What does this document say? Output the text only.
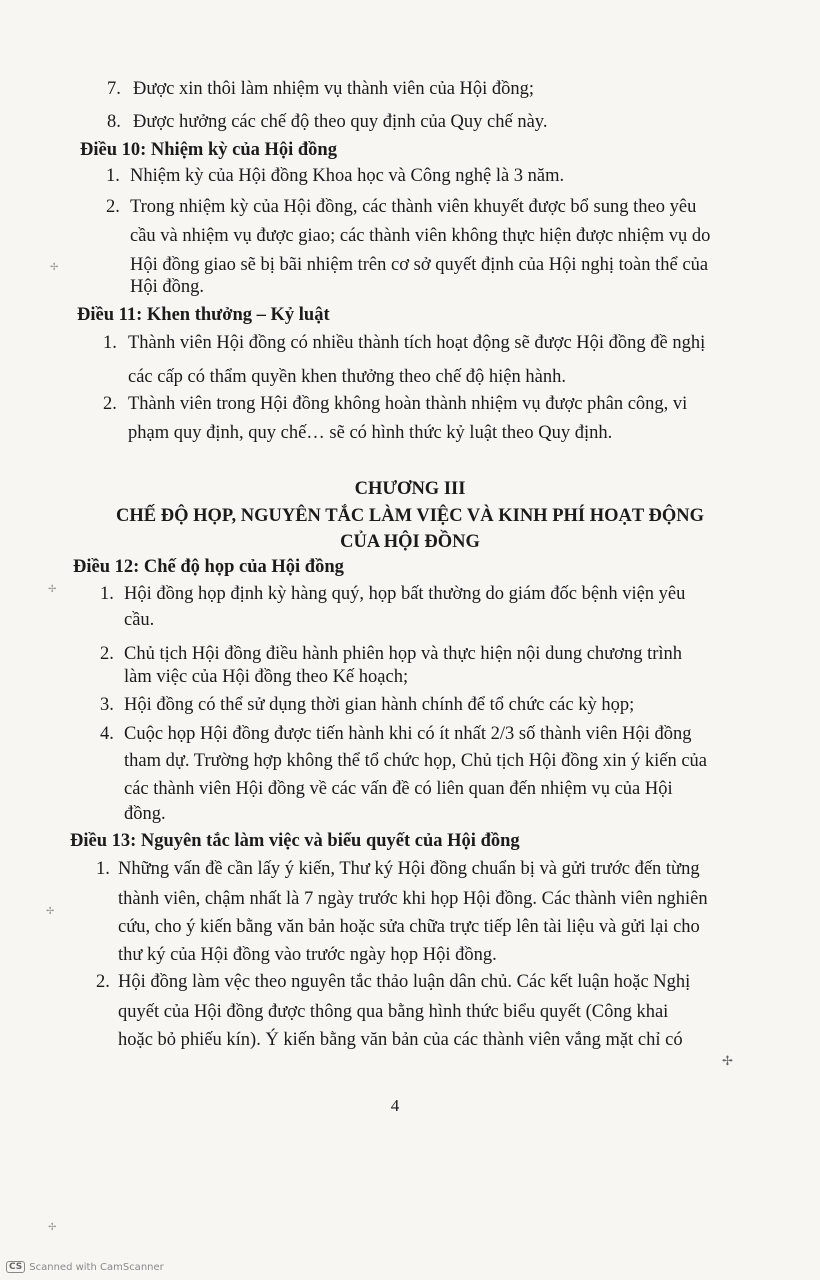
7. Được xin thôi làm nhiệm vụ thành viên của Hội đồng;
8. Được hưởng các chế độ theo quy định của Quy chế này.
Điều 10: Nhiệm kỳ của Hội đồng
1. Nhiệm kỳ của Hội đồng Khoa học và Công nghệ là 3 năm.
2. Trong nhiệm kỳ của Hội đồng, các thành viên khuyết được bổ sung theo yêu
cầu và nhiệm vụ được giao; các thành viên không thực hiện được nhiệm vụ do
Hội đồng giao sẽ bị bãi nhiệm trên cơ sở quyết định của Hội nghị toàn thể của
Hội đồng.
Điều 11: Khen thưởng – Kỷ luật
1. Thành viên Hội đồng có nhiều thành tích hoạt động sẽ được Hội đồng đề nghị
các cấp có thẩm quyền khen thưởng theo chế độ hiện hành.
2. Thành viên trong Hội đồng không hoàn thành nhiệm vụ được phân công, vi
phạm quy định, quy chế… sẽ có hình thức kỷ luật theo Quy định.
CHƯƠNG III
CHẾ ĐỘ HỌP, NGUYÊN TẮC LÀM VIỆC VÀ KINH PHÍ HOẠT ĐỘNG
CỦA HỘI ĐỒNG
Điều 12: Chế độ họp của Hội đồng
1. Hội đồng họp định kỳ hàng quý, họp bất thường do giám đốc bệnh viện yêu
cầu.
2. Chủ tịch Hội đồng điều hành phiên họp và thực hiện nội dung chương trình
làm việc của Hội đồng theo Kế hoạch;
3. Hội đồng có thể sử dụng thời gian hành chính để tổ chức các kỳ họp;
4. Cuộc họp Hội đồng được tiến hành khi có ít nhất 2/3 số thành viên Hội đồng
tham dự. Trường hợp không thể tổ chức họp, Chủ tịch Hội đồng xin ý kiến của
các thành viên Hội đồng về các vấn đề có liên quan đến nhiệm vụ của Hội
đồng.
Điều 13: Nguyên tắc làm việc và biểu quyết của Hội đồng
1. Những vấn đề cần lấy ý kiến, Thư ký Hội đồng chuẩn bị và gửi trước đến từng
thành viên, chậm nhất là 7 ngày trước khi họp Hội đồng. Các thành viên nghiên
cứu, cho ý kiến bằng văn bản hoặc sửa chữa trực tiếp lên tài liệu và gửi lại cho
thư ký của Hội đồng vào trước ngày họp Hội đồng.
2. Hội đồng làm vệc theo nguyên tắc thảo luận dân chủ. Các kết luận hoặc Nghị
quyết của Hội đồng được thông qua bằng hình thức biểu quyết (Công khai
hoặc bỏ phiếu kín). Ý kiến bằng văn bản của các thành viên vắng mặt chỉ có
4
✢
✢
✢
✢
✢
CS Scanned with CamScanner
